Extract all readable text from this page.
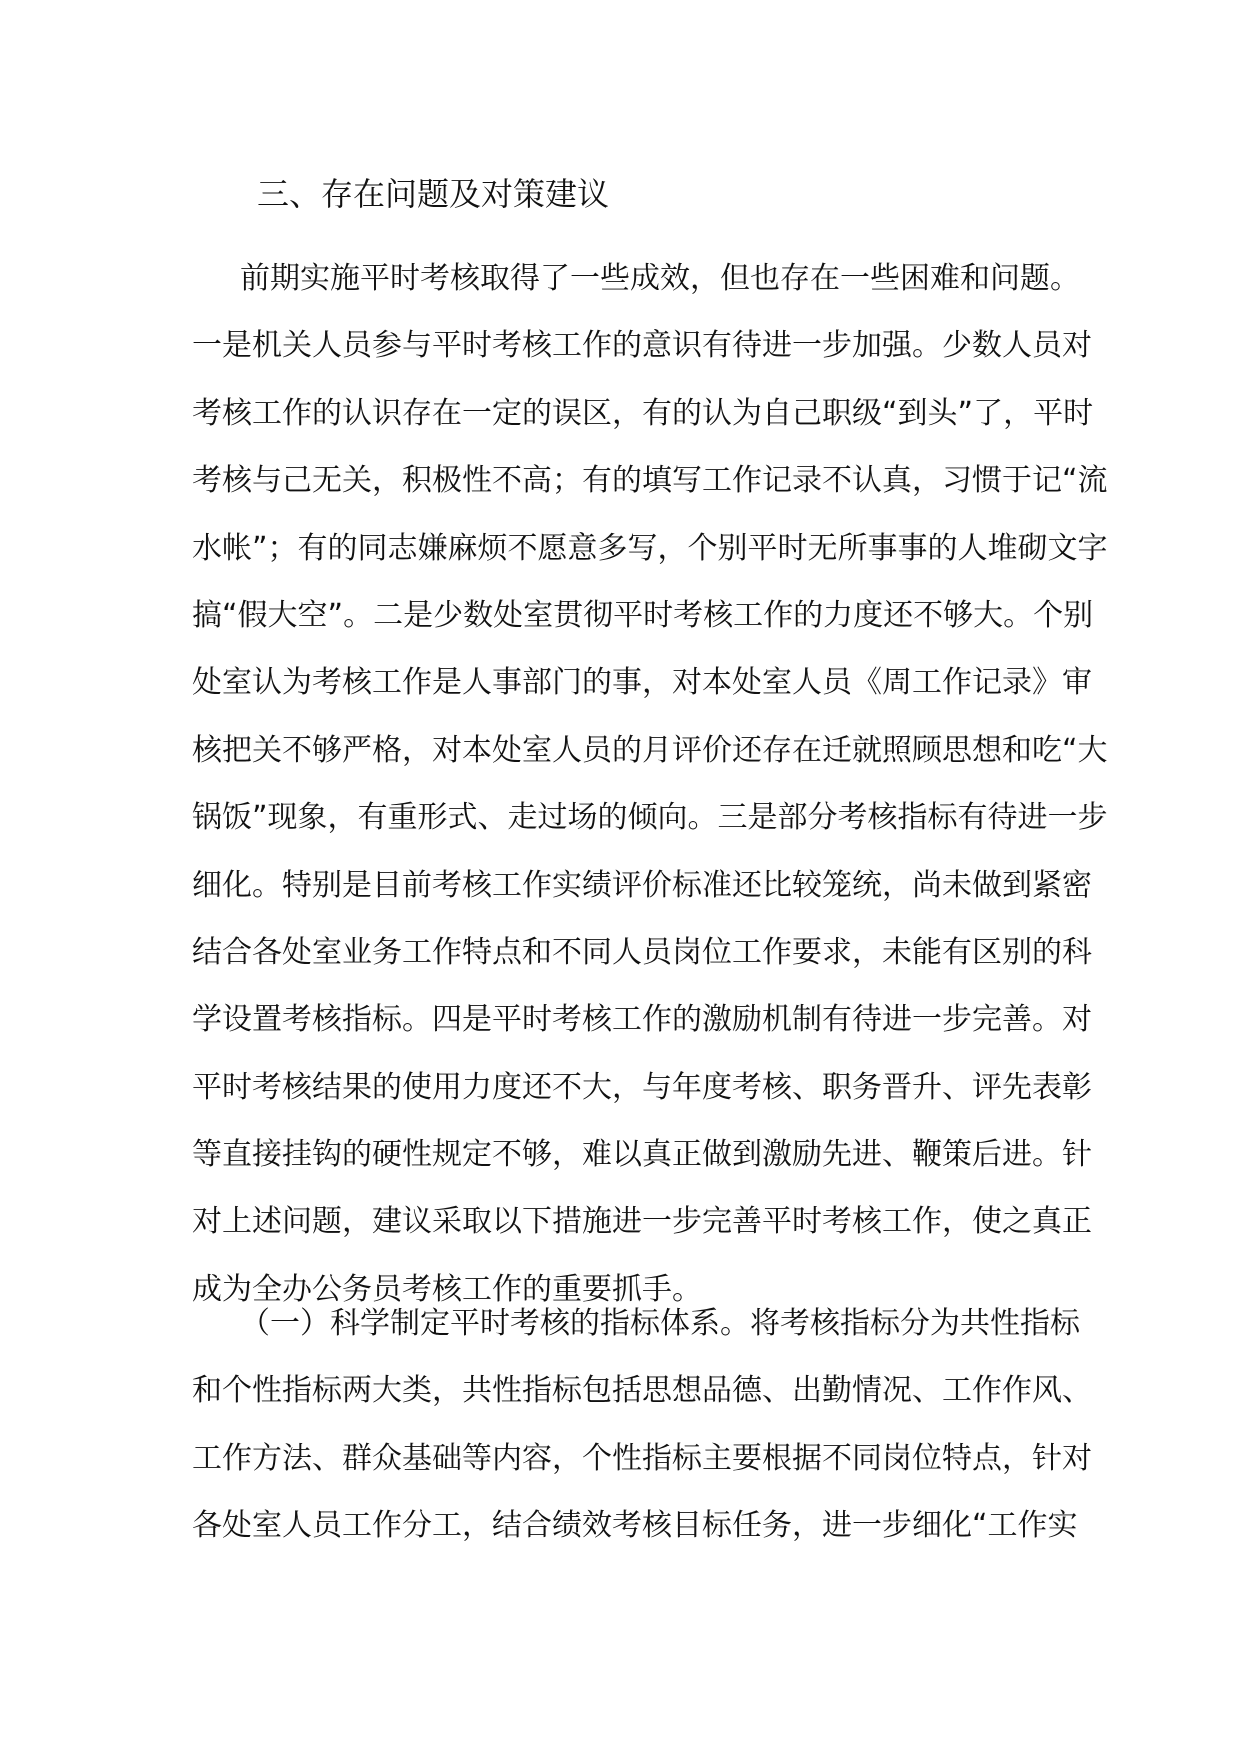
三、存在问题及对策建议
前期实施平时考核取得了一些成效，但也存在一些困难和问题。
一是机关人员参与平时考核工作的意识有待进一步加强。少数人员对
考核工作的认识存在一定的误区，有的认为自己职级“到头”了，平时
考核与己无关，积极性不高；有的填写工作记录不认真，习惯于记“流
水帐”；有的同志嫌麻烦不愿意多写，个别平时无所事事的人堆砌文字
搞“假大空”。二是少数处室贯彻平时考核工作的力度还不够大。个别
处室认为考核工作是人事部门的事，对本处室人员《周工作记录》审
核把关不够严格，对本处室人员的月评价还存在迁就照顾思想和吃“大
锅饭”现象，有重形式、走过场的倾向。三是部分考核指标有待进一步
细化。特别是目前考核工作实绩评价标准还比较笼统，尚未做到紧密
结合各处室业务工作特点和不同人员岗位工作要求，未能有区别的科
学设置考核指标。四是平时考核工作的激励机制有待进一步完善。对
平时考核结果的使用力度还不大，与年度考核、职务晋升、评先表彰
等直接挂钩的硬性规定不够，难以真正做到激励先进、鞭策后进。针
对上述问题，建议采取以下措施进一步完善平时考核工作，使之真正
成为全办公务员考核工作的重要抓手。
（一）科学制定平时考核的指标体系。将考核指标分为共性指标
和个性指标两大类，共性指标包括思想品德、出勤情况、工作作风、
工作方法、群众基础等内容，个性指标主要根据不同岗位特点，针对
各处室人员工作分工，结合绩效考核目标任务，进一步细化“工作实
